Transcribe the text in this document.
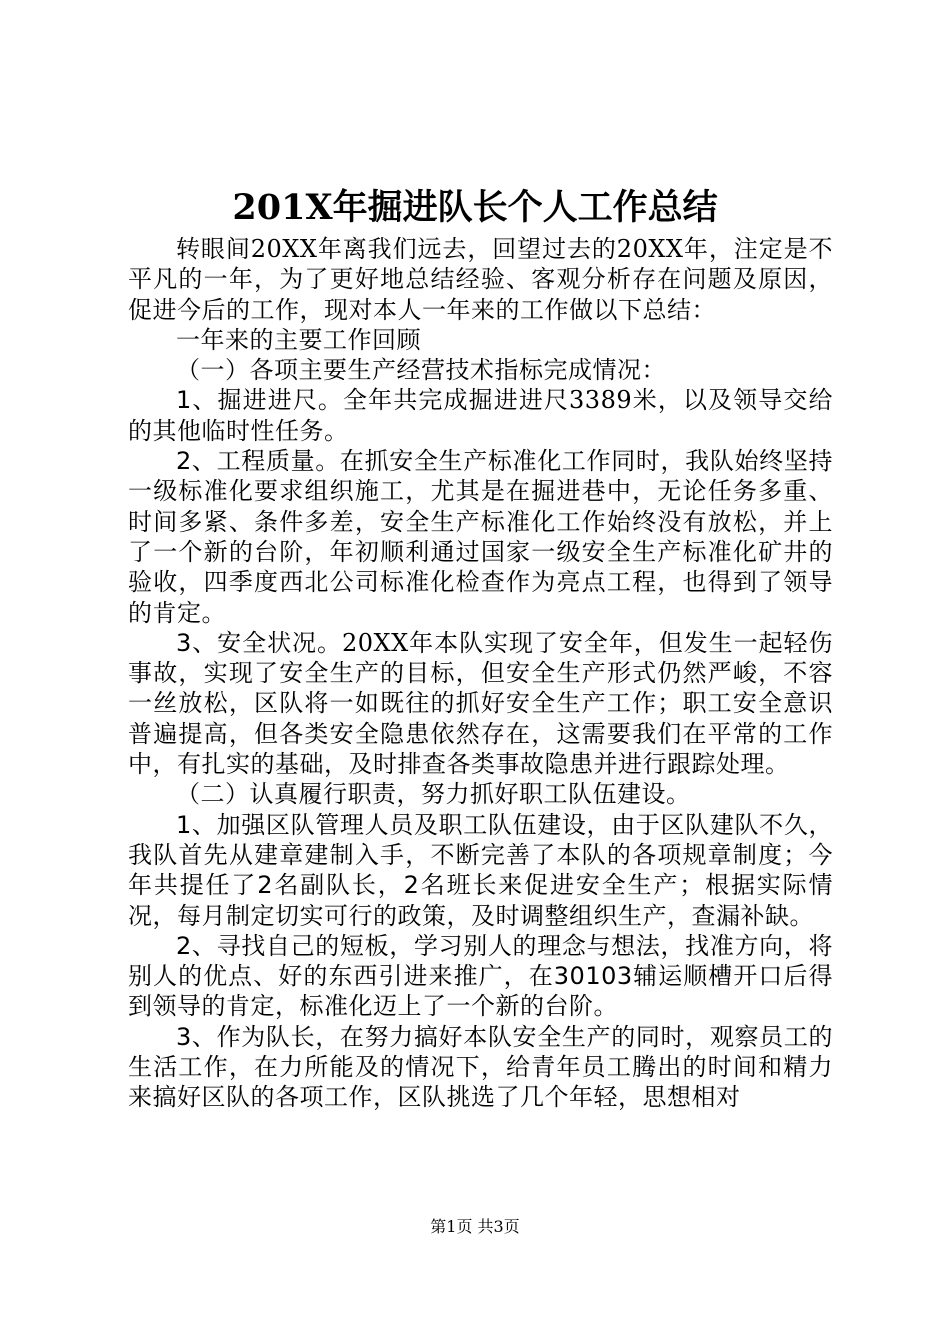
201X年掘进队长个人工作总结

转眼间20XX年离我们远去，回望过去的20XX年，注定是不平凡的一年，为了更好地总结经验、客观分析存在问题及原因，促进今后的工作，现对本人一年来的工作做以下总结：

一年来的主要工作回顾

（一）各项主要生产经营技术指标完成情况：

1、掘进进尺。全年共完成掘进进尺3389米，以及领导交给的其他临时性任务。

2、工程质量。在抓安全生产标准化工作同时，我队始终坚持一级标准化要求组织施工，尤其是在掘进巷中，无论任务多重、时间多紧、条件多差，安全生产标准化工作始终没有放松，并上了一个新的台阶，年初顺利通过国家一级安全生产标准化矿井的验收，四季度西北公司标准化检查作为亮点工程，也得到了领导的肯定。

3、安全状况。20XX年本队实现了安全年，但发生一起轻伤事故，实现了安全生产的目标，但安全生产形式仍然严峻，不容一丝放松，区队将一如既往的抓好安全生产工作；职工安全意识普遍提高，但各类安全隐患依然存在，这需要我们在平常的工作中，有扎实的基础，及时排查各类事故隐患并进行跟踪处理。

（二）认真履行职责，努力抓好职工队伍建设。

1、加强区队管理人员及职工队伍建设，由于区队建队不久，我队首先从建章建制入手，不断完善了本队的各项规章制度；今年共提任了2名副队长，2名班长来促进安全生产；根据实际情况，每月制定切实可行的政策，及时调整组织生产，查漏补缺。

2、寻找自己的短板，学习别人的理念与想法，找准方向，将别人的优点、好的东西引进来推广，在30103辅运顺槽开口后得到领导的肯定，标准化迈上了一个新的台阶。

3、作为队长，在努力搞好本队安全生产的同时，观察员工的生活工作，在力所能及的情况下，给青年员工腾出的时间和精力来搞好区队的各项工作，区队挑选了几个年轻，思想相对

第1页 共3页
